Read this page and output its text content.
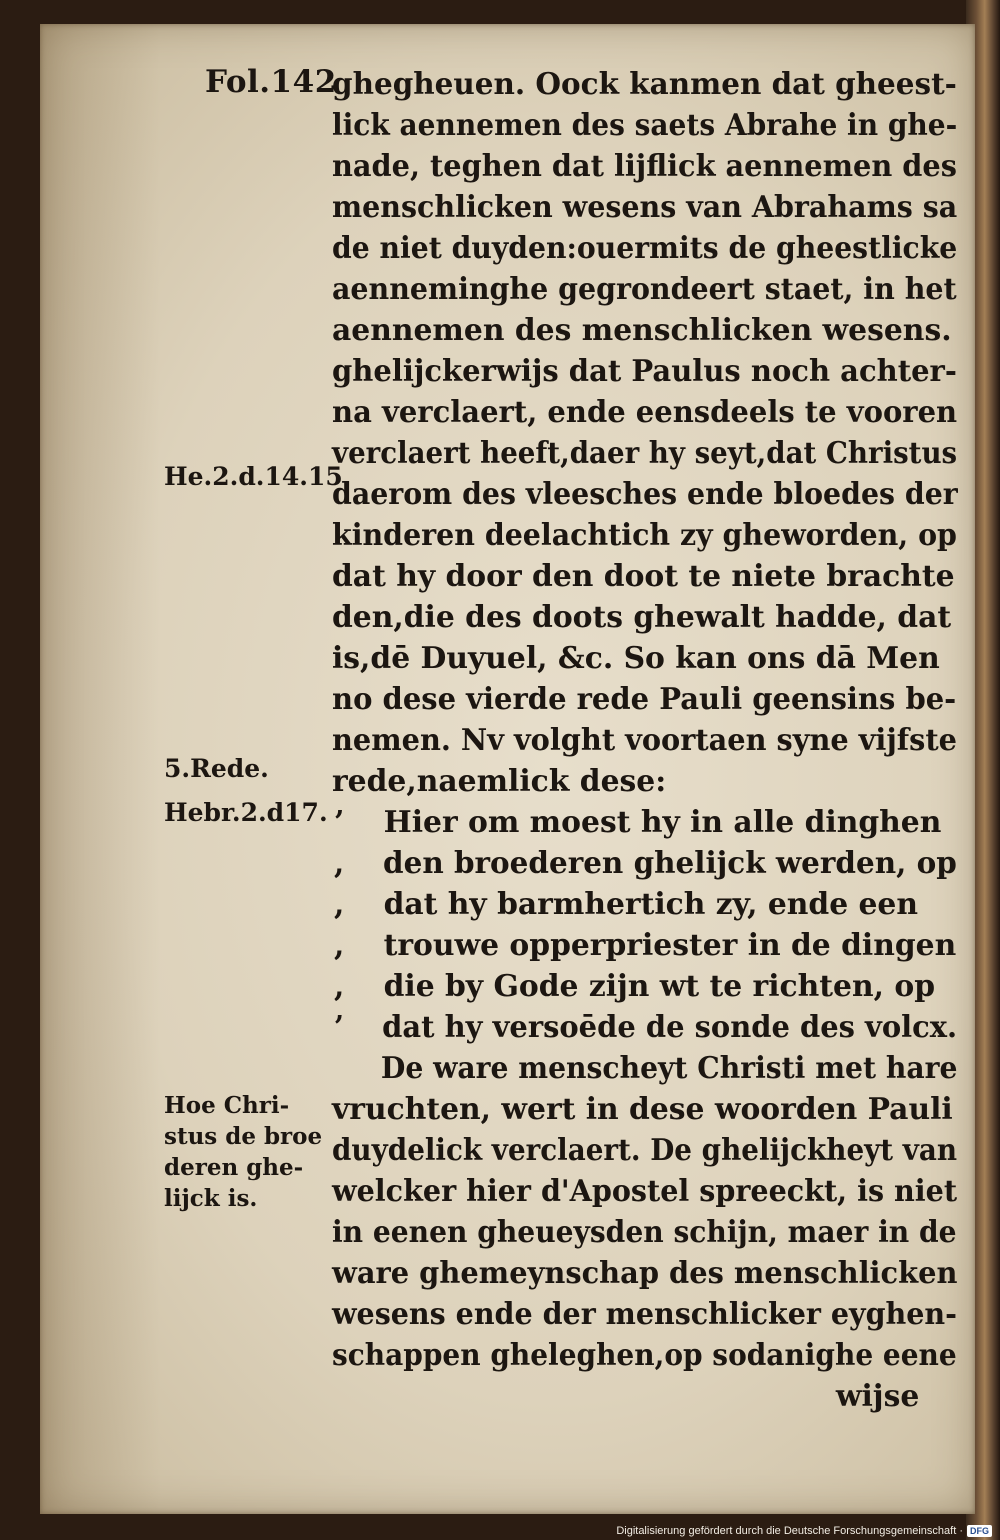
Fol.142
ghegheuen. Oock kanmen dat gheest-
lick aennemen des saets Abrahe in ghe-
nade, teghen dat lijflick aennemen des
menschlicken wesens van Abrahams sa
de niet duyden:ouermits de gheestlicke
aenneminghe gegrondeert staet, in het
aennemen des menschlicken wesens.
ghelijckerwijs dat Paulus noch achter-
na verclaert, ende eensdeels te vooren
verclaert heeft,daer hy seyt,dat Christus
daerom des vleesches ende bloedes der
kinderen deelachtich zy gheworden, op
dat hy door den doot te niete brachte
den,die des doots ghewalt hadde, dat
is,dē Duyuel, &c. So kan ons dā Men
no dese vierde rede Pauli geensins be-
nemen. Nv volght voortaen syne vijfste
rede,naemlick dese:
’	Hier om moest hy in alle dinghen
,	den broederen ghelijck werden, op
,	dat hy barmhertich zy, ende een
,	trouwe opperpriester in de dingen
,	die by Gode zijn wt te richten, op
’	dat hy versoēde de sonde des volcx.
De ware menscheyt Christi met hare
vruchten, wert in dese woorden Pauli
duydelick verclaert. De ghelijckheyt van
welcker hier d'Apostel spreeckt, is niet
in eenen gheueysden schijn, maer in de
ware ghemeynschap des menschlicken
wesens ende der menschlicker eyghen-
schappen gheleghen,op sodanighe eene
wijse
He.2.d.14.15
5.Rede.
Hebr.2.d17.
Hoe Chri-
stus de broe
deren ghe-
lijck is.
Digitalisierung gefördert durch die Deutsche Forschungsgemeinschaft · DFG
